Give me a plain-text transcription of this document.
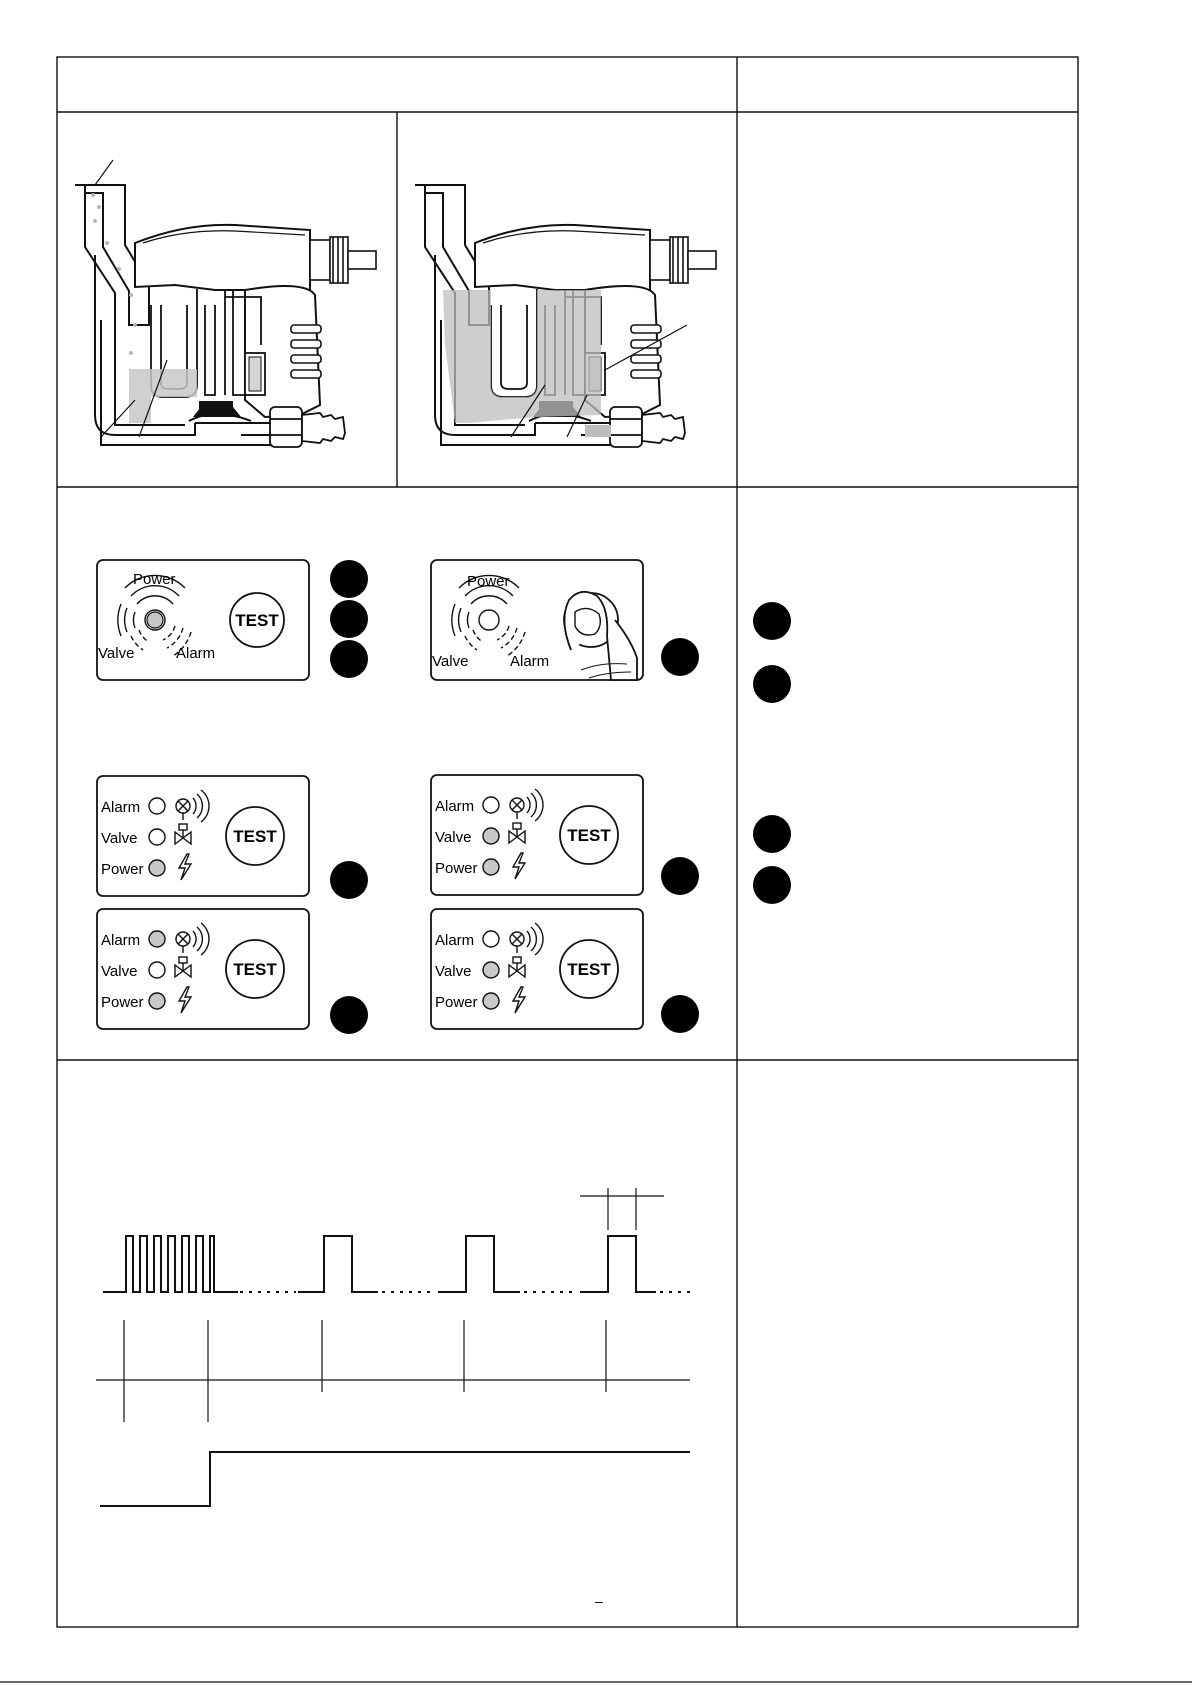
Power
Valve	Alarm
TEST
Power
Valve	Alarm
Alarm
Valve
Power
TEST
Alarm
Valve
Power
TEST
Alarm
Valve
Power
TEST
Alarm
Valve
Power
TEST
–
